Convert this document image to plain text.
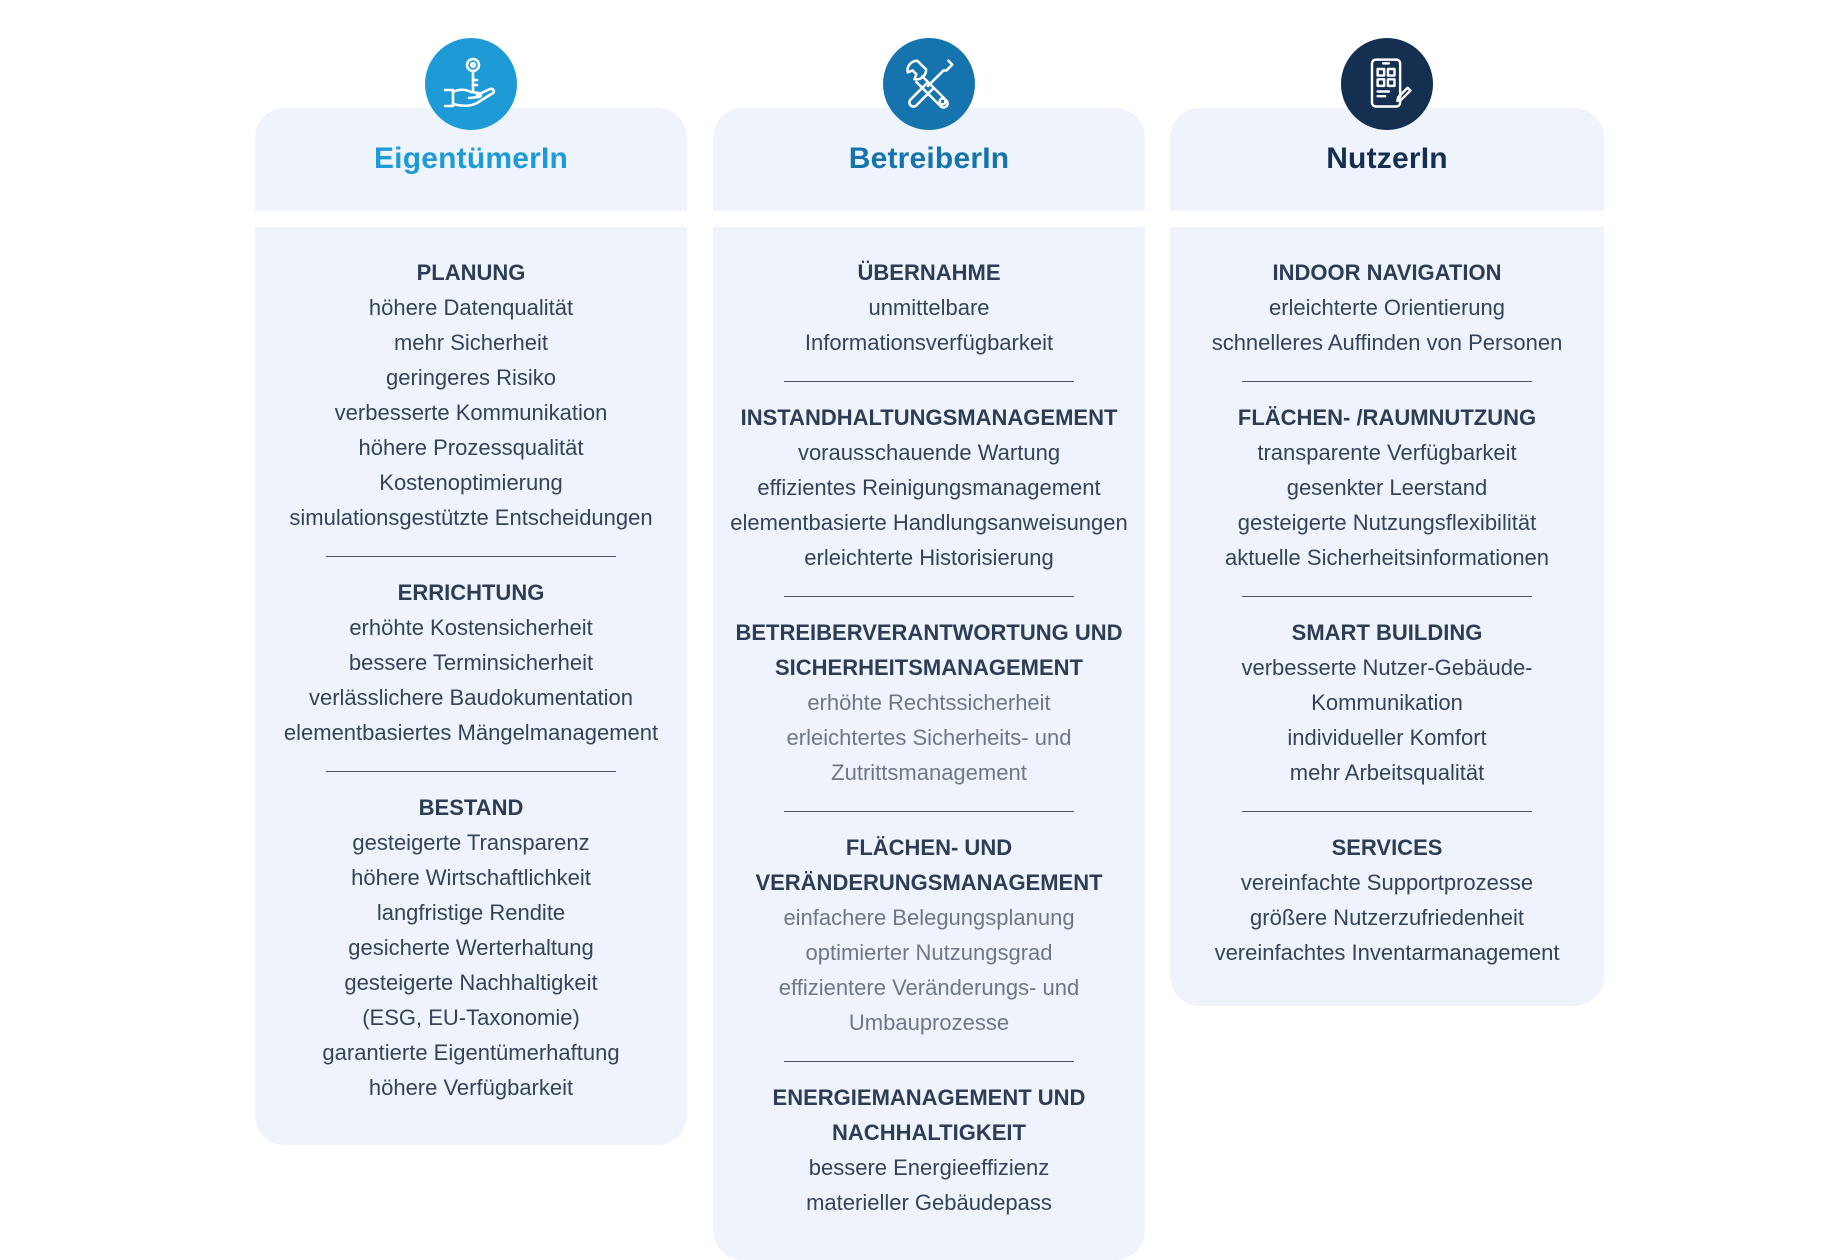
EigentümerIn
PLANUNG
höhere Datenqualität
mehr Sicherheit
geringeres Risiko
verbesserte Kommunikation
höhere Prozessqualität
Kostenoptimierung
simulationsgestützte Entscheidungen
ERRICHTUNG
erhöhte Kostensicherheit
bessere Terminsicherheit
verlässlichere Baudokumentation
elementbasiertes Mängelmanagement
BESTAND
gesteigerte Transparenz
höhere Wirtschaftlichkeit
langfristige Rendite
gesicherte Werterhaltung
gesteigerte Nachhaltigkeit
(ESG, EU-Taxonomie)
garantierte Eigentümerhaftung
höhere Verfügbarkeit
BetreiberIn
ÜBERNAHME
unmittelbare
Informationsverfügbarkeit
INSTANDHALTUNGSMANAGEMENT
vorausschauende Wartung
effizientes Reinigungsmanagement
elementbasierte Handlungsanweisungen
erleichterte Historisierung
BETREIBERVERANTWORTUNG UND
SICHERHEITSMANAGEMENT
erhöhte Rechtssicherheit
erleichtertes Sicherheits- und
Zutrittsmanagement
FLÄCHEN- UND
VERÄNDERUNGSMANAGEMENT
einfachere Belegungsplanung
optimierter Nutzungsgrad
effizientere Veränderungs- und
Umbauprozesse
ENERGIEMANAGEMENT UND
NACHHALTIGKEIT
bessere Energieeffizienz
materieller Gebäudepass
NutzerIn
INDOOR NAVIGATION
erleichterte Orientierung
schnelleres Auffinden von Personen
FLÄCHEN- /RAUMNUTZUNG
transparente Verfügbarkeit
gesenkter Leerstand
gesteigerte Nutzungsflexibilität
aktuelle Sicherheitsinformationen
SMART BUILDING
verbesserte Nutzer-Gebäude-
Kommunikation
individueller Komfort
mehr Arbeitsqualität
SERVICES
vereinfachte Supportprozesse
größere Nutzerzufriedenheit
vereinfachtes Inventarmanagement
